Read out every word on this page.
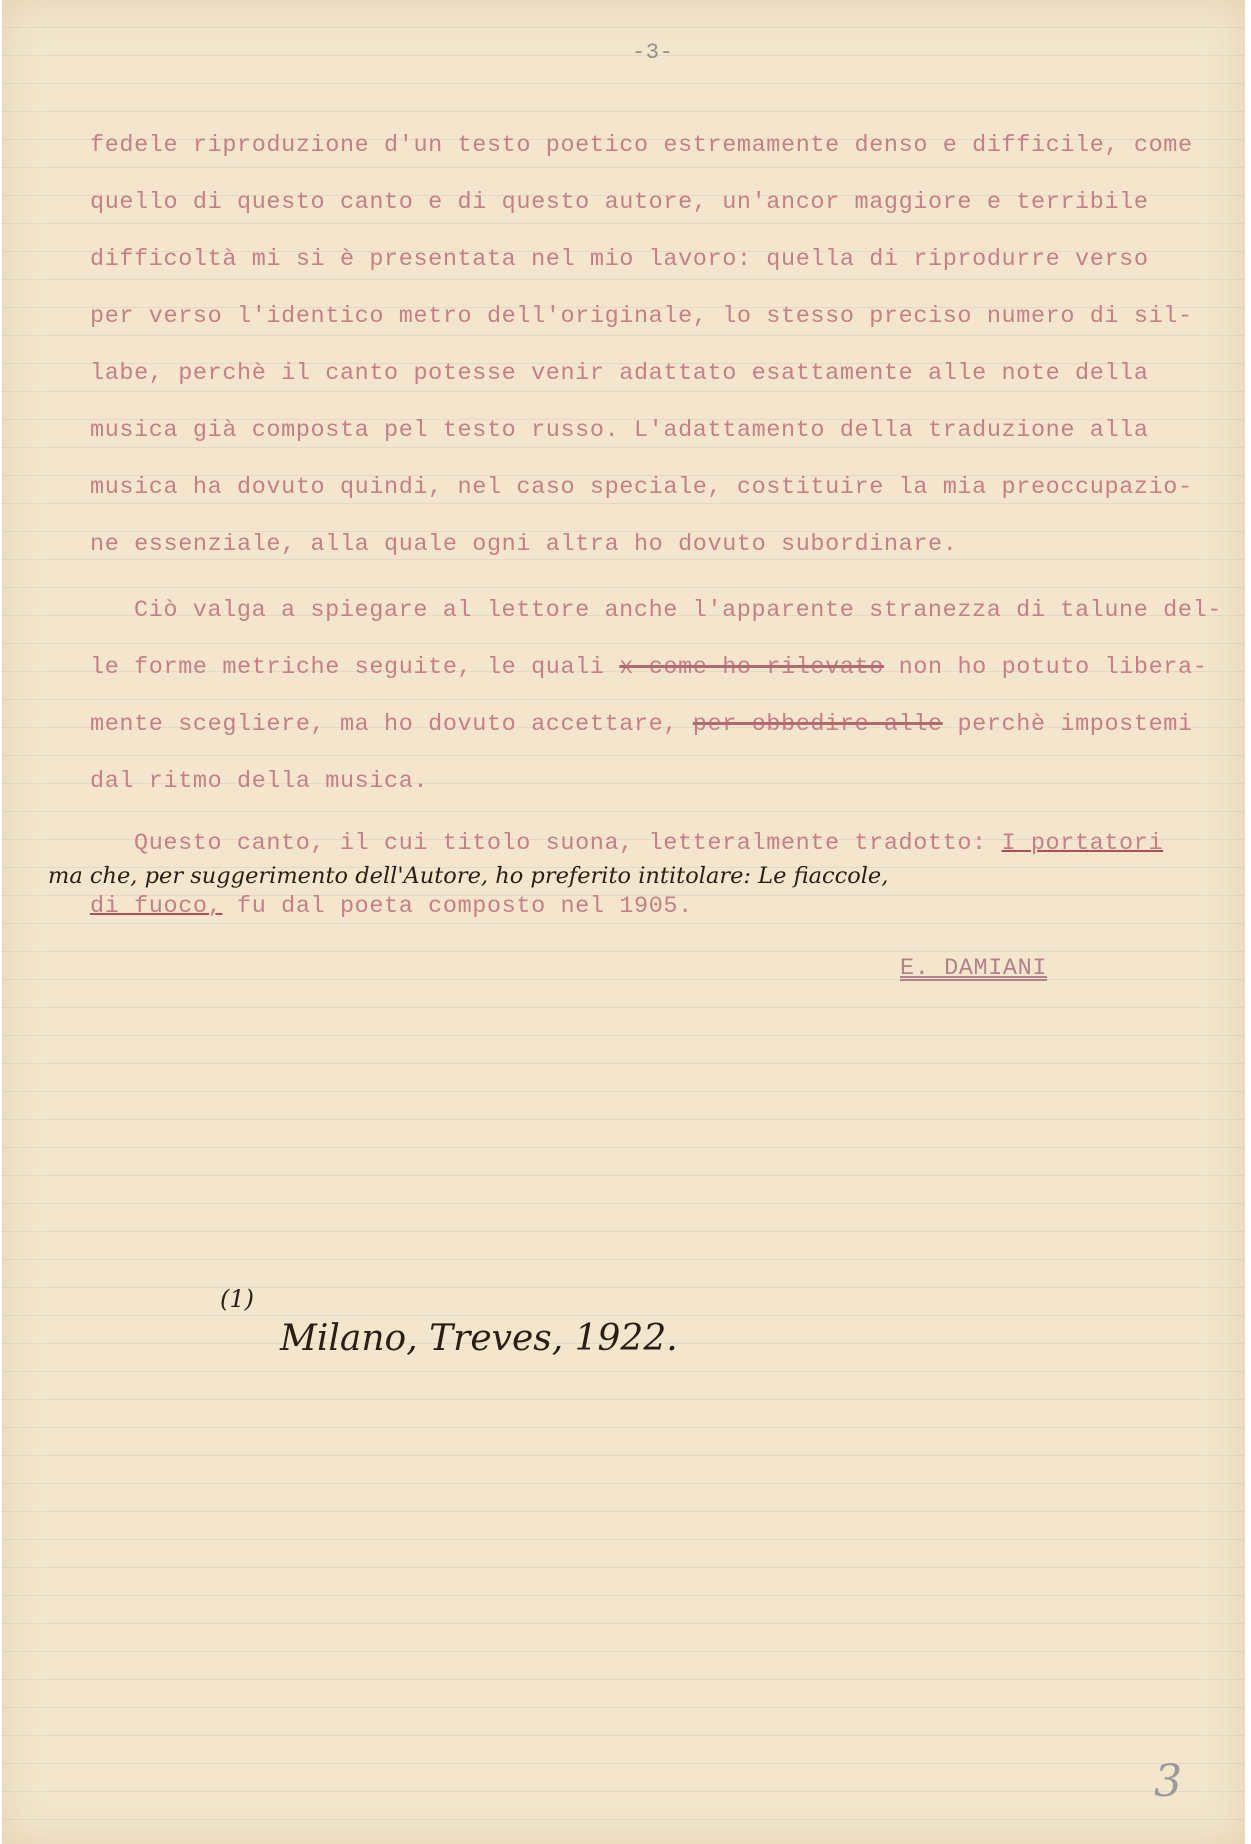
-3-

fedele riproduzione d'un testo poetico estremamente denso e difficile, come

quello di questo canto e di questo autore, un'ancor maggiore e terribile

difficoltà mi si è presentata nel mio lavoro: quella di riprodurre verso

per verso l'identico metro dell'originale, lo stesso preciso numero di sil-

labe, perchè il canto potesse venir adattato esattamente alle note della

musica già composta pel testo russo. L'adattamento della traduzione alla

musica ha dovuto quindi, nel caso speciale, costituire la mia preoccupazio-

ne essenziale, alla quale ogni altra ho dovuto subordinare.

Ciò valga a spiegare al lettore anche l'apparente stranezza di talune del-

le forme metriche seguite, le quali x come ho rilevato non ho potuto libera-

mente scegliere, ma ho dovuto accettare, per obbedire alle perchè impostemi

dal ritmo della musica.

Questo canto, il cui titolo suona, letteralmente tradotto: I portatori

ma che, per suggerimento dell'Autore, ho preferito intitolare: Le fiaccole,

di fuoco, fu dal poeta composto nel 1905.

E. DAMIANI

(1)

Milano, Treves, 1922.

3
